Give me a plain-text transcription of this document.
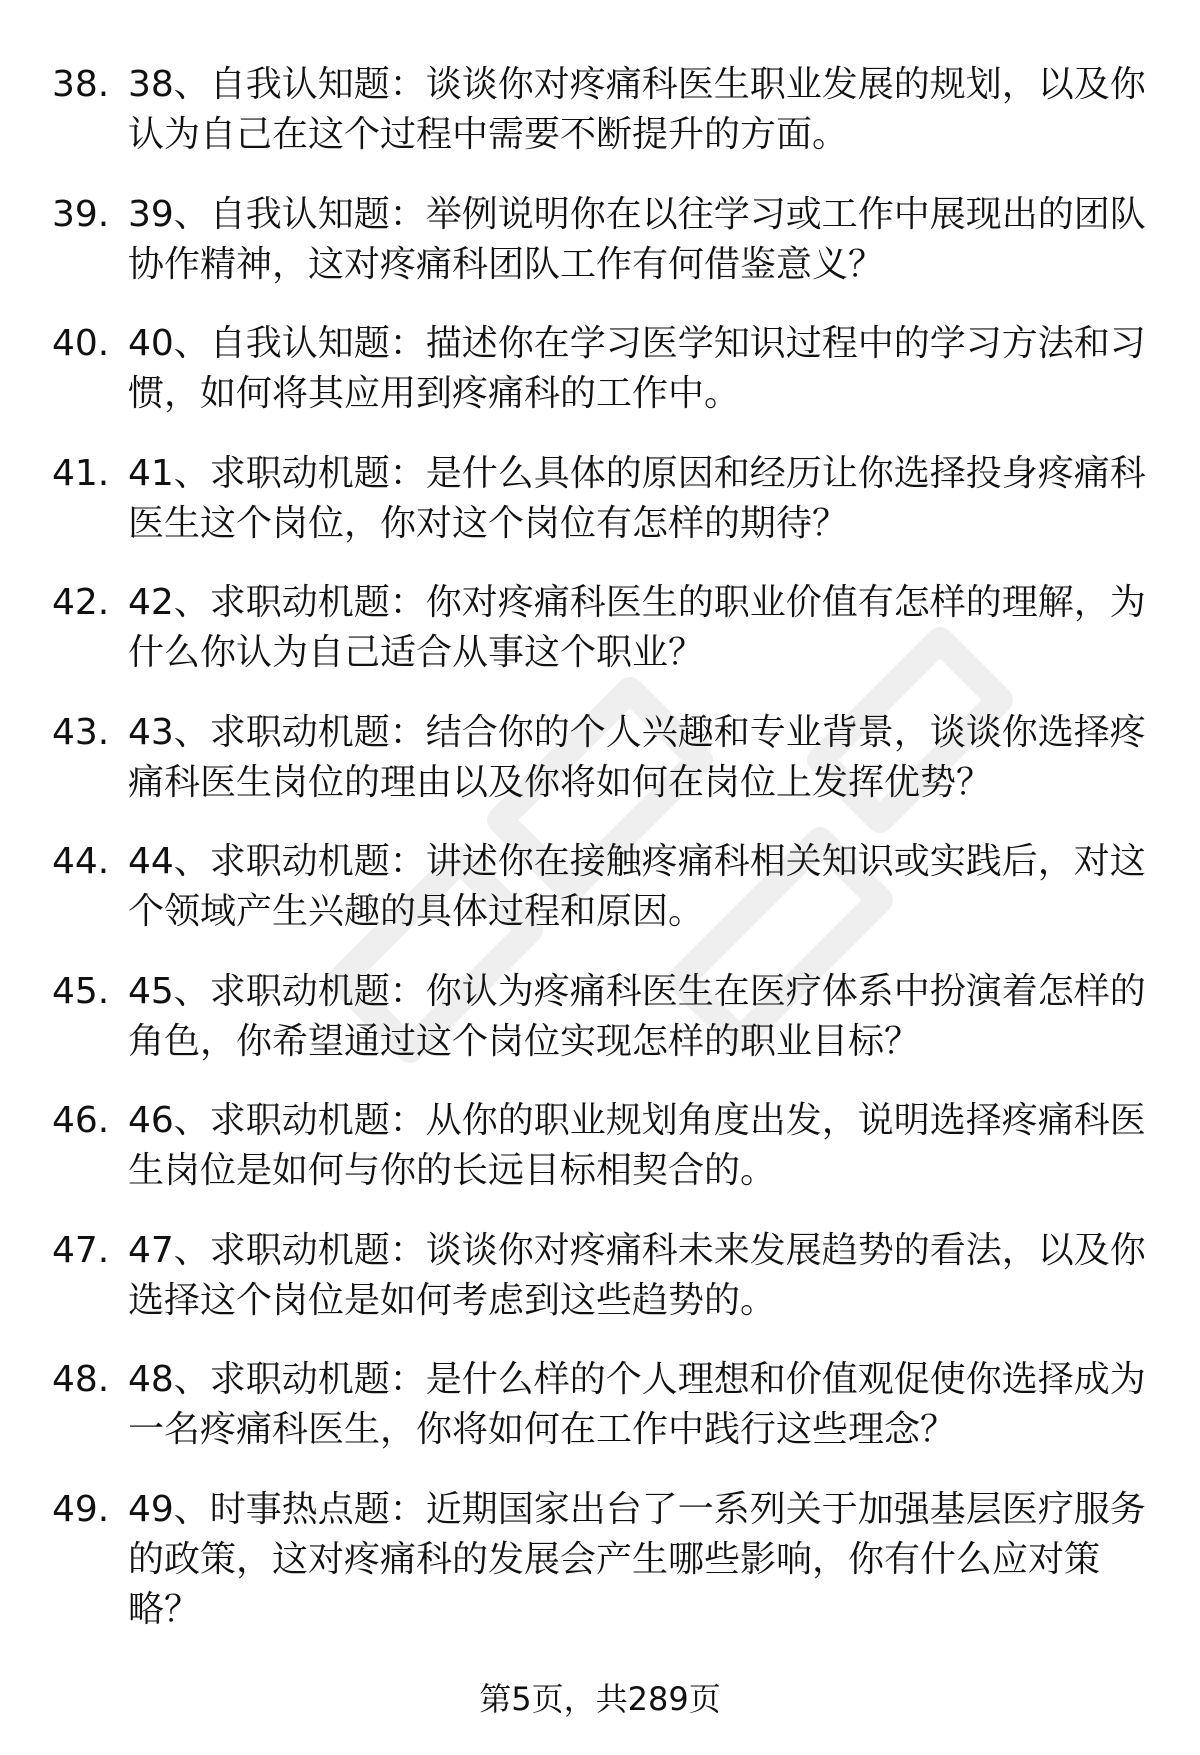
38. 38、自我认知题：谈谈你对疼痛科医生职业发展的规划，以及你认为自己在这个过程中需要不断提升的方面。
39. 39、自我认知题：举例说明你在以往学习或工作中展现出的团队协作精神，这对疼痛科团队工作有何借鉴意义？
40. 40、自我认知题：描述你在学习医学知识过程中的学习方法和习惯，如何将其应用到疼痛科的工作中。
41. 41、求职动机题：是什么具体的原因和经历让你选择投身疼痛科医生这个岗位，你对这个岗位有怎样的期待？
42. 42、求职动机题：你对疼痛科医生的职业价值有怎样的理解，为什么你认为自己适合从事这个职业？
43. 43、求职动机题：结合你的个人兴趣和专业背景，谈谈你选择疼痛科医生岗位的理由以及你将如何在岗位上发挥优势？
44. 44、求职动机题：讲述你在接触疼痛科相关知识或实践后，对这个领域产生兴趣的具体过程和原因。
45. 45、求职动机题：你认为疼痛科医生在医疗体系中扮演着怎样的角色，你希望通过这个岗位实现怎样的职业目标？
46. 46、求职动机题：从你的职业规划角度出发，说明选择疼痛科医生岗位是如何与你的长远目标相契合的。
47. 47、求职动机题：谈谈你对疼痛科未来发展趋势的看法，以及你选择这个岗位是如何考虑到这些趋势的。
48. 48、求职动机题：是什么样的个人理想和价值观促使你选择成为一名疼痛科医生，你将如何在工作中践行这些理念？
49. 49、时事热点题：近期国家出台了一系列关于加强基层医疗服务的政策，这对疼痛科的发展会产生哪些影响，你有什么应对策略？
第5页，共289页
